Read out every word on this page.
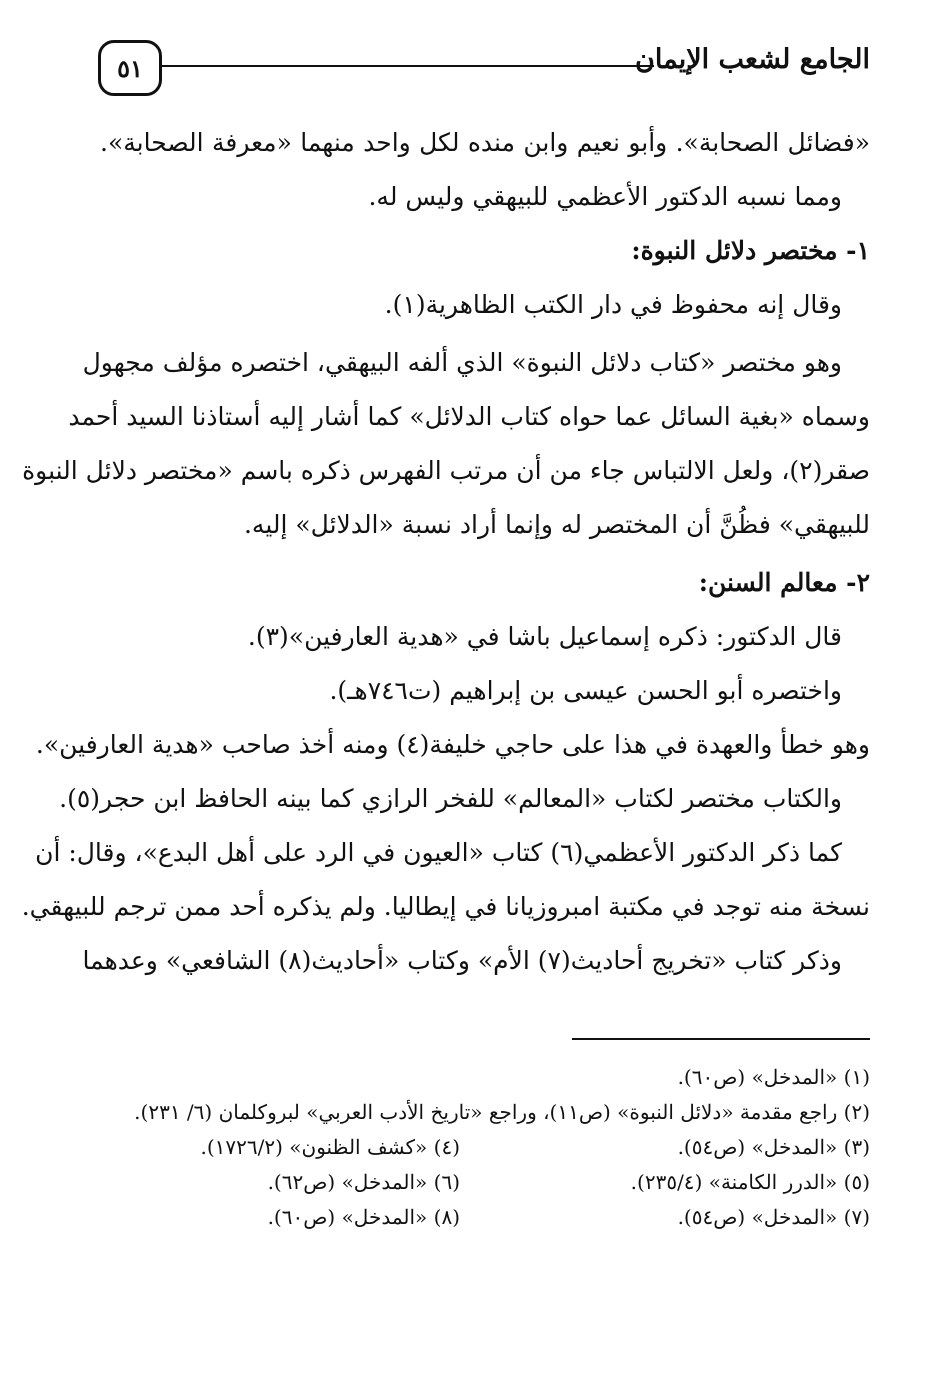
٥١	الجامع لشعب الإيمان
«فضائل الصحابة». وأبو نعيم وابن منده لكل واحد منهما «معرفة الصحابة».
ومما نسبه الدكتور الأعظمي للبيهقي وليس له.
١- مختصر دلائل النبوة:
وقال إنه محفوظ في دار الكتب الظاهرية(١).
وهو مختصر «كتاب دلائل النبوة» الذي ألفه البيهقي، اختصره مؤلف مجهول
وسماه «بغية السائل عما حواه كتاب الدلائل» كما أشار إليه أستاذنا السيد أحمد
صقر(٢)، ولعل الالتباس جاء من أن مرتب الفهرس ذكره باسم «مختصر دلائل النبوة
للبيهقي» فظُنَّ أن المختصر له وإنما أراد نسبة «الدلائل» إليه.
٢- معالم السنن:
قال الدكتور: ذكره إسماعيل باشا في «هدية العارفين»(٣).
واختصره أبو الحسن عيسى بن إبراهيم (ت٧٤٦هـ).
وهو خطأ والعهدة في هذا على حاجي خليفة(٤) ومنه أخذ صاحب «هدية العارفين».
والكتاب مختصر لكتاب «المعالم» للفخر الرازي كما بينه الحافظ ابن حجر(٥).
كما ذكر الدكتور الأعظمي(٦) كتاب «العيون في الرد على أهل البدع»، وقال: أن
نسخة منه توجد في مكتبة امبروزيانا في إيطاليا. ولم يذكره أحد ممن ترجم للبيهقي.
وذكر كتاب «تخريج أحاديث(٧) الأم» وكتاب «أحاديث(٨) الشافعي» وعدهما
(١) «المدخل» (ص٦٠).
(٢) راجع مقدمة «دلائل النبوة» (ص١١)، وراجع «تاريخ الأدب العربي» لبروكلمان (٦/ ٢٣١).
(٣) «المدخل» (ص٥٤).
(٤) «كشف الظنون» (١٧٢٦/٢).
(٥) «الدرر الكامنة» (٢٣٥/٤).
(٦) «المدخل» (ص٦٢).
(٧) «المدخل» (ص٥٤).
(٨) «المدخل» (ص٦٠).
